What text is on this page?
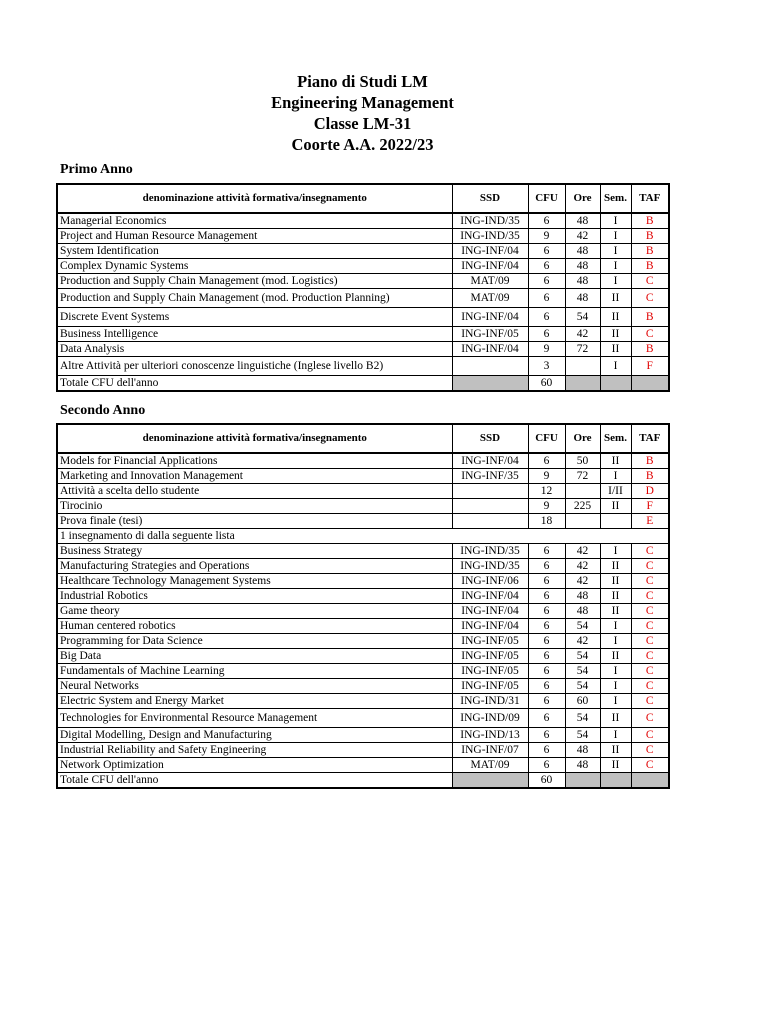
Piano di Studi LM
Engineering Management
Classe LM-31
Coorte A.A. 2022/23
Primo Anno
denominazione attività formativa/insegnamento	SSD	CFU	Ore	Sem.	TAF
Managerial Economics	ING-IND/35	6	48	I	B
Project and Human Resource Management	ING-IND/35	9	42	I	B
System Identification	ING-INF/04	6	48	I	B
Complex Dynamic Systems	ING-INF/04	6	48	I	B
Production and Supply Chain Management (mod. Logistics)	MAT/09	6	48	I	C
Production and Supply Chain Management (mod. Production Planning)	MAT/09	6	48	II	C
Discrete Event Systems	ING-INF/04	6	54	II	B
Business Intelligence	ING-INF/05	6	42	II	C
Data Analysis	ING-INF/04	9	72	II	B
Altre Attività per ulteriori conoscenze linguistiche (Inglese livello B2)		3		I	F
Totale CFU dell'anno		60			
Secondo Anno
denominazione attività formativa/insegnamento	SSD	CFU	Ore	Sem.	TAF
Models for Financial Applications	ING-INF/04	6	50	II	B
Marketing and Innovation Management	ING-INF/35	9	72	I	B
Attività a scelta dello studente		12		I/II	D
Tirocinio		9	225	II	F
Prova finale (tesi)		18			E
1 insegnamento di dalla seguente lista					
Business Strategy	ING-IND/35	6	42	I	C
Manufacturing Strategies and Operations	ING-IND/35	6	42	II	C
Healthcare Technology Management Systems	ING-INF/06	6	42	II	C
Industrial Robotics	ING-INF/04	6	48	II	C
Game theory	ING-INF/04	6	48	II	C
Human centered robotics	ING-INF/04	6	54	I	C
Programming for Data Science	ING-INF/05	6	42	I	C
Big Data	ING-INF/05	6	54	II	C
Fundamentals of Machine Learning	ING-INF/05	6	54	I	C
Neural Networks	ING-INF/05	6	54	I	C
Electric System and Energy Market	ING-IND/31	6	60	I	C
Technologies for Environmental Resource Management	ING-IND/09	6	54	II	C
Digital Modelling, Design and Manufacturing	ING-IND/13	6	54	I	C
Industrial Reliability and Safety Engineering	ING-INF/07	6	48	II	C
Network Optimization	MAT/09	6	48	II	C
Totale CFU dell'anno		60			
